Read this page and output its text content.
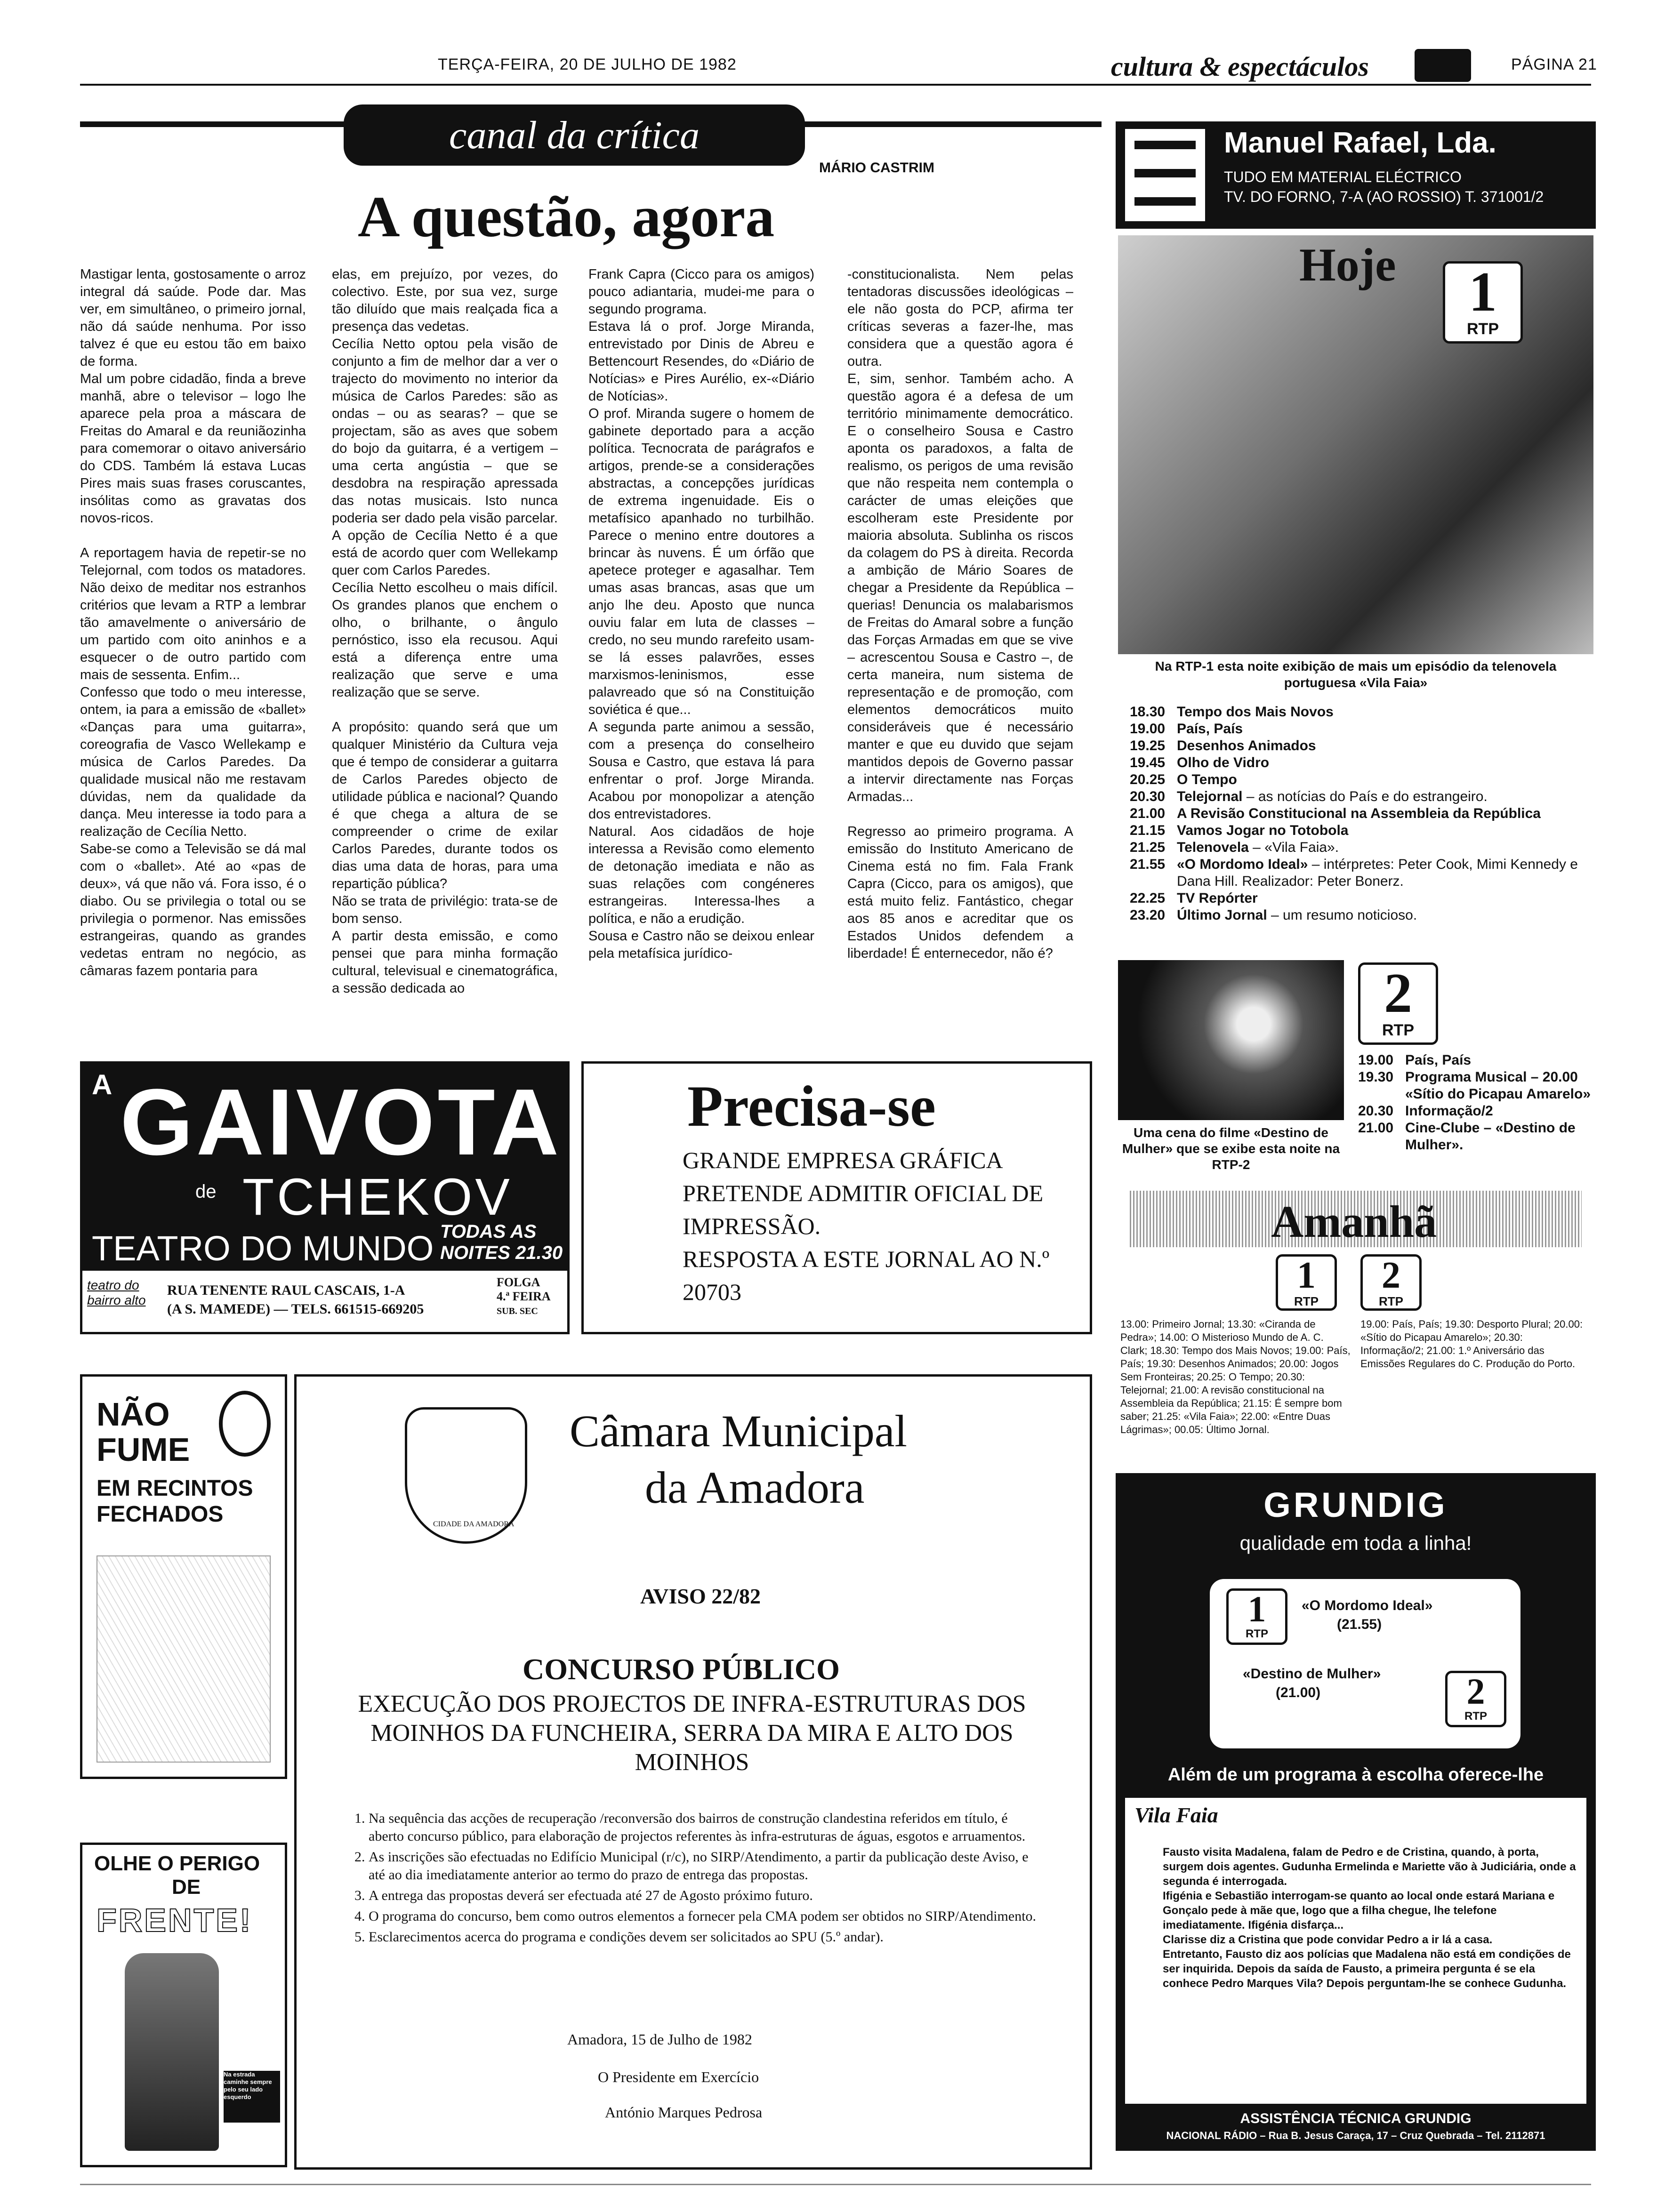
TERÇA-FEIRA, 20 DE JULHO DE 1982	cultura & espectáculos	PÁGINA 21
canal da crítica
MÁRIO CASTRIM
A questão, agora
Mastigar lenta, gostosamente o arroz integral dá saúde. Pode dar. Mas ver, em simultâneo, o primeiro jornal, não dá saúde nenhuma. Por isso talvez é que eu estou tão em baixo de forma.
Mal um pobre cidadão, finda a breve manhã, abre o televisor – logo lhe aparece pela proa a máscara de Freitas do Amaral e da reuniãozinha para comemorar o oitavo aniversário do CDS. Também lá estava Lucas Pires mais suas frases coruscantes, insólitas como as gravatas dos novos-ricos.

A reportagem havia de repetir-se no Telejornal, com todos os matadores. Não deixo de meditar nos estranhos critérios que levam a RTP a lembrar tão amavelmente o aniversário de um partido com oito aninhos e a esquecer o de outro partido com mais de sessenta. Enfim...
Confesso que todo o meu interesse, ontem, ia para a emissão de «ballet» «Danças para uma guitarra», coreografia de Vasco Wellekamp e música de Carlos Paredes. Da qualidade musical não me restavam dúvidas, nem da qualidade da dança. Meu interesse ia todo para a realização de Cecília Netto.
Sabe-se como a Televisão se dá mal com o «ballet». Até ao «pas de deux», vá que não vá. Fora isso, é o diabo. Ou se privilegia o total ou se privilegia o pormenor. Nas emissões estrangeiras, quando as grandes vedetas entram no negócio, as câmaras fazem pontaria para
elas, em prejuízo, por vezes, do colectivo. Este, por sua vez, surge tão diluído que mais realçada fica a presença das vedetas.
Cecília Netto optou pela visão de conjunto a fim de melhor dar a ver o trajecto do movimento no interior da música de Carlos Paredes: são as ondas – ou as searas? – que se projectam, são as aves que sobem do bojo da guitarra, é a vertigem – uma certa angústia – que se desdobra na respiração apressada das notas musicais. Isto nunca poderia ser dado pela visão parcelar. A opção de Cecília Netto é a que está de acordo quer com Wellekamp quer com Carlos Paredes.
Cecília Netto escolheu o mais difícil. Os grandes planos que enchem o olho, o brilhante, o ângulo pernóstico, isso ela recusou. Aqui está a diferença entre uma realização que serve e uma realização que se serve.

A propósito: quando será que um qualquer Ministério da Cultura veja que é tempo de considerar a guitarra de Carlos Paredes objecto de utilidade pública e nacional? Quando é que chega a altura de se compreender o crime de exilar Carlos Paredes, durante todos os dias uma data de horas, para uma repartição pública?
Não se trata de privilégio: trata-se de bom senso.
A partir desta emissão, e como pensei que para minha formação cultural, televisual e cinematográfica, a sessão dedicada ao
Frank Capra (Cicco para os amigos) pouco adiantaria, mudei-me para o segundo programa.
Estava lá o prof. Jorge Miranda, entrevistado por Dinis de Abreu e Bettencourt Resendes, do «Diário de Notícias» e Pires Aurélio, ex-«Diário de Notícias».
O prof. Miranda sugere o homem de gabinete deportado para a acção política. Tecnocrata de parágrafos e artigos, prende-se a considerações abstractas, a concepções jurídicas de extrema ingenuidade. Eis o metafísico apanhado no turbilhão. Parece o menino entre doutores a brincar às nuvens. É um órfão que apetece proteger e agasalhar. Tem umas asas brancas, asas que um anjo lhe deu. Aposto que nunca ouviu falar em luta de classes – credo, no seu mundo rarefeito usam-se lá esses palavrões, esses marxismos-leninismos, esse palavreado que só na Constituição soviética é que...
A segunda parte animou a sessão, com a presença do conselheiro Sousa e Castro, que estava lá para enfrentar o prof. Jorge Miranda. Acabou por monopolizar a atenção dos entrevistadores.
Natural. Aos cidadãos de hoje interessa a Revisão como elemento de detonação imediata e não as suas relações com congéneres estrangeiras. Interessa-lhes a política, e não a erudição.
Sousa e Castro não se deixou enlear pela metafísica jurídico-
-constitucionalista. Nem pelas tentadoras discussões ideológicas – ele não gosta do PCP, afirma ter críticas severas a fazer-lhe, mas considera que a questão agora é outra.
E, sim, senhor. Também acho. A questão agora é a defesa de um território minimamente democrático. E o conselheiro Sousa e Castro aponta os paradoxos, a falta de realismo, os perigos de uma revisão que não respeita nem contempla o carácter de umas eleições que escolheram este Presidente por maioria absoluta. Sublinha os riscos da colagem do PS à direita. Recorda a ambição de Mário Soares de chegar a Presidente da República – querias! Denuncia os malabarismos de Freitas do Amaral sobre a função das Forças Armadas em que se vive – acrescentou Sousa e Castro –, de certa maneira, num sistema de representação e de promoção, com elementos democráticos muito consideráveis que é necessário manter e que eu duvido que sejam mantidos depois de Governo passar a intervir directamente nas Forças Armadas...

Regresso ao primeiro programa. A emissão do Instituto Americano de Cinema está no fim. Fala Frank Capra (Cicco, para os amigos), que está muito feliz. Fantástico, chegar aos 85 anos e acreditar que os Estados Unidos defendem a liberdade! É enternecedor, não é?
Manuel Rafael, Lda.
TUDO EM MATERIAL ELÉCTRICO
TV. DO FORNO, 7-A (AO ROSSIO) T. 371001/2
Hoje	1
RTP
Na RTP-1 esta noite exibição de mais um episódio da telenovela portuguesa «Vila Faia»
18.30 Tempo dos Mais Novos
19.00 País, País
19.25 Desenhos Animados
19.45 Olho de Vidro
20.25 O Tempo
20.30 Telejornal – as notícias do País e do estrangeiro.
21.00 A Revisão Constitucional na Assembleia da República
21.15 Vamos Jogar no Totobola
21.25 Telenovela – «Vila Faia».
21.55 «O Mordomo Ideal» – intérpretes: Peter Cook, Mimi Kennedy e Dana Hill. Realizador: Peter Bonerz.
22.25 TV Repórter
23.20 Último Jornal – um resumo noticioso.
Uma cena do filme «Destino de Mulher» que se exibe esta noite na RTP-2
2
RTP
19.00 País, País
19.30 Programa Musical – 20.00 «Sítio do Picapau Amarelo»
20.30 Informação/2
21.00 Cine-Clube – «Destino de Mulher».
Amanhã
1
RTP
2
RTP
13.00: Primeiro Jornal; 13.30: «Ciranda de Pedra»; 14.00: O Misterioso Mundo de A. C. Clark; 18.30: Tempo dos Mais Novos; 19.00: País, País; 19.30: Desenhos Animados; 20.00: Jogos Sem Fronteiras; 20.25: O Tempo; 20.30: Telejornal; 21.00: A revisão constitucional na Assembleia da República; 21.15: É sempre bom saber; 21.25: «Vila Faia»; 22.00: «Entre Duas Lágrimas»; 00.05: Último Jornal.
19.00: País, País; 19.30: Desporto Plural; 20.00: «Sítio do Picapau Amarelo»; 20.30: Informação/2; 21.00: 1.º Aniversário das Emissões Regulares do C. Produção do Porto.
A GAIVOTA
de TCHEKOV
TEATRO DO MUNDO TODAS AS
NOITES 21.30
teatro do bairro alto
RUA TENENTE RAUL CASCAIS, 1-A
(A S. MAMEDE) — TELS. 661515-669205
FOLGA
4.ª FEIRA
SUB. SEC
Precisa-se
GRANDE EMPRESA GRÁFICA PRETENDE ADMITIR OFICIAL DE IMPRESSÃO.
RESPOSTA A ESTE JORNAL AO N.º 20703
NÃO
FUME
EM RECINTOS
FECHADOS
OLHE O PERIGO
DE
FRENTE!
Na estrada caminhe sempre pelo seu lado esquerdo
CIDADE DA AMADORA
Câmara Municipal
da Amadora
AVISO 22/82
CONCURSO PÚBLICO
EXECUÇÃO DOS PROJECTOS DE INFRA-ESTRUTURAS DOS MOINHOS DA FUNCHEIRA, SERRA DA MIRA E ALTO DOS MOINHOS
1. Na sequência das acções de recuperação /reconversão dos bairros de construção clandestina referidos em título, é aberto concurso público, para elaboração de projectos referentes às infra-estruturas de águas, esgotos e arruamentos.
2. As inscrições são efectuadas no Edifício Municipal (r/c), no SIRP/Atendimento, a partir da publicação deste Aviso, e até ao dia imediatamente anterior ao termo do prazo de entrega das propostas.
3. A entrega das propostas deverá ser efectuada até 27 de Agosto próximo futuro.
4. O programa do concurso, bem como outros elementos a fornecer pela CMA podem ser obtidos no SIRP/Atendimento.
5. Esclarecimentos acerca do programa e condições devem ser solicitados ao SPU (5.º andar).
Amadora, 15 de Julho de 1982
O Presidente em Exercício
António Marques Pedrosa
GRUNDIG
qualidade em toda a linha!
1
RTP
«O Mordomo Ideal»
(21.55)
«Destino de Mulher»
(21.00)	2
RTP
Além de um programa à escolha oferece-lhe
Vila Faia
Fausto visita Madalena, falam de Pedro e de Cristina, quando, à porta, surgem dois agentes. Gudunha Ermelinda e Mariette vão à Judiciária, onde a segunda é interrogada.
Ifigénia e Sebastião interrogam-se quanto ao local onde estará Mariana e Gonçalo pede à mãe que, logo que a filha chegue, lhe telefone imediatamente. Ifigénia disfarça...
Clarisse diz a Cristina que pode convidar Pedro a ir lá a casa.
Entretanto, Fausto diz aos polícias que Madalena não está em condições de ser inquirida. Depois da saída de Fausto, a primeira pergunta é se ela conhece Pedro Marques Vila? Depois perguntam-lhe se conhece Gudunha.
ASSISTÊNCIA TÉCNICA GRUNDIG
NACIONAL RÁDIO – Rua B. Jesus Caraça, 17 – Cruz Quebrada – Tel. 2112871
